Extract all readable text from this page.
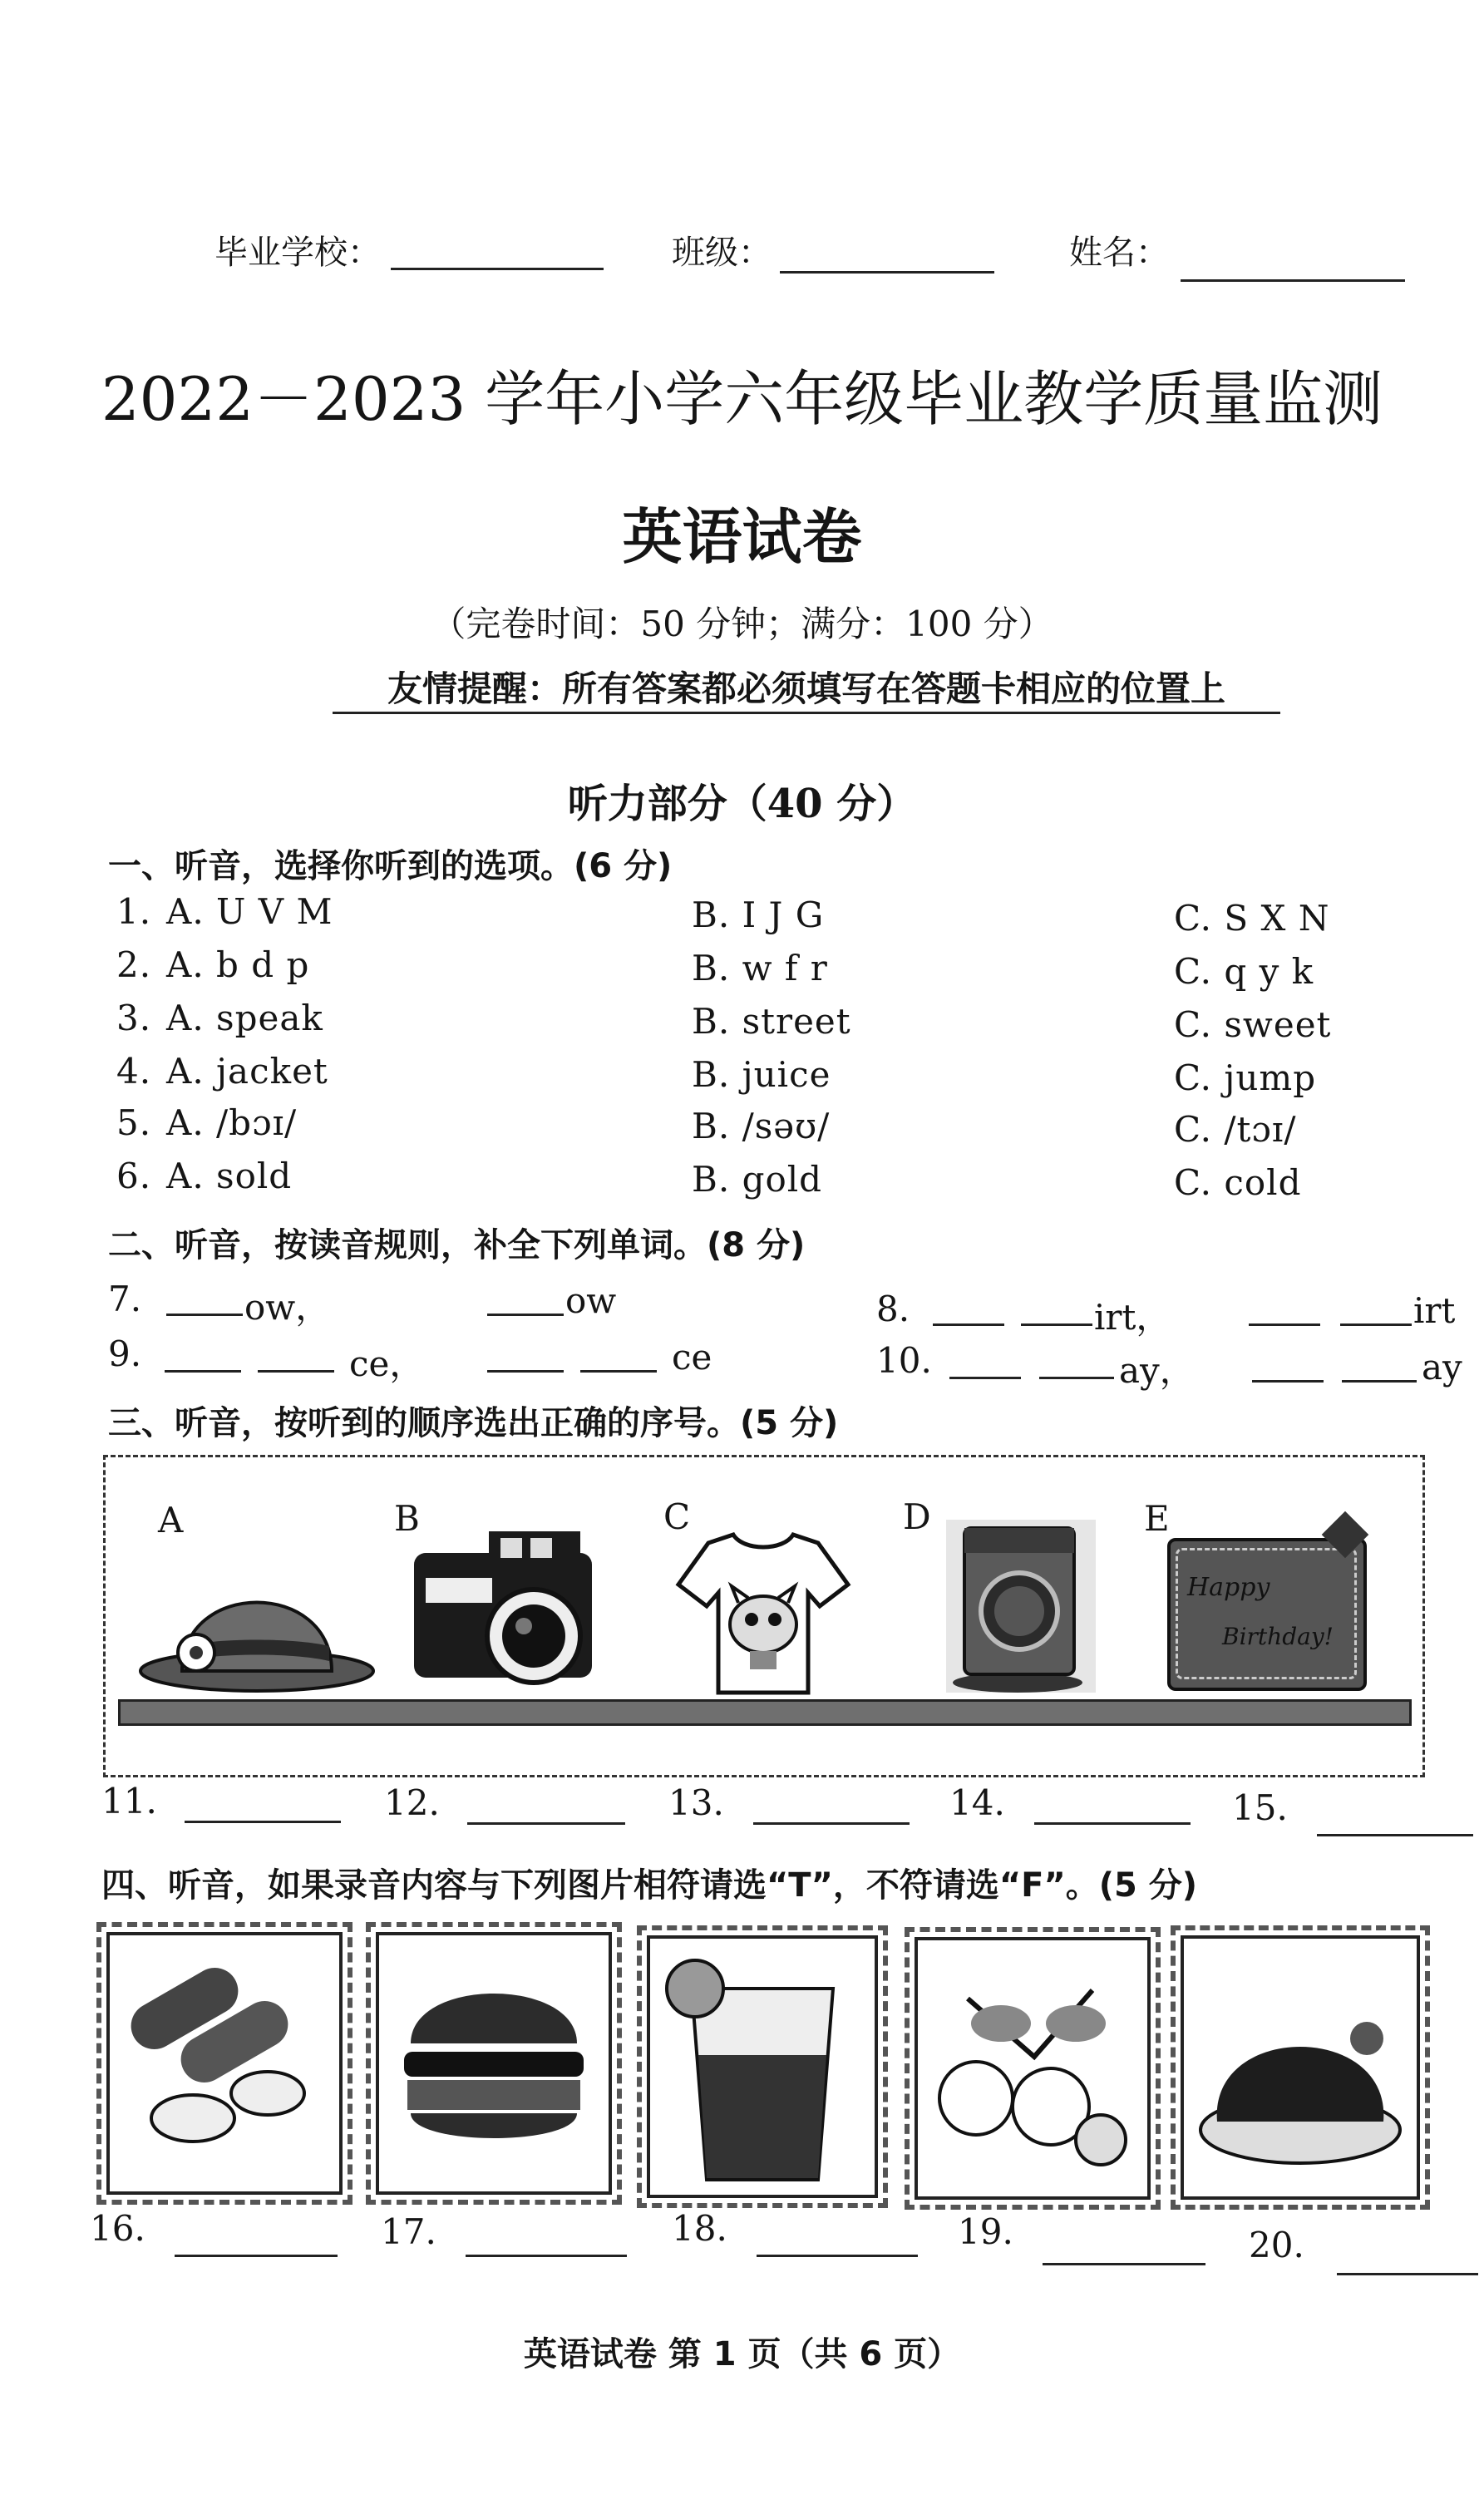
毕业学校：	班级：	姓名：
2022－2023 学年小学六年级毕业教学质量监测
英语试卷
（完卷时间：50 分钟；满分：100 分）
友情提醒：所有答案都必须填写在答题卡相应的位置上
听力部分（40 分）
一、听音，选择你听到的选项。(6 分)
1. A. U V M	B. I J G	C. S X N
2. A. b d p	B. w f r	C. q y k
3. A. speak	B. street	C. sweet
4. A. jacket	B. juice	C. jump
5. A. /bɔɪ/	B. /səʊ/	C. /tɔɪ/
6. A. sold	B. gold	C. cold
二、听音，按读音规则，补全下列单词。(8 分)
7.	ow，	ow	8.	irt，	irt
9.	ce，	ce	10.	ay，	ay
三、听音，按听到的顺序选出正确的序号。(5 分)
A	B	C	D	E
Happy
Birthday!
11.	12.	13.	14.	15.
四、听音，如果录音内容与下列图片相符请选“T”，不符请选“F”。(5 分)
16.	17.	18.	19.	20.
英语试卷 第 1 页（共 6 页）
